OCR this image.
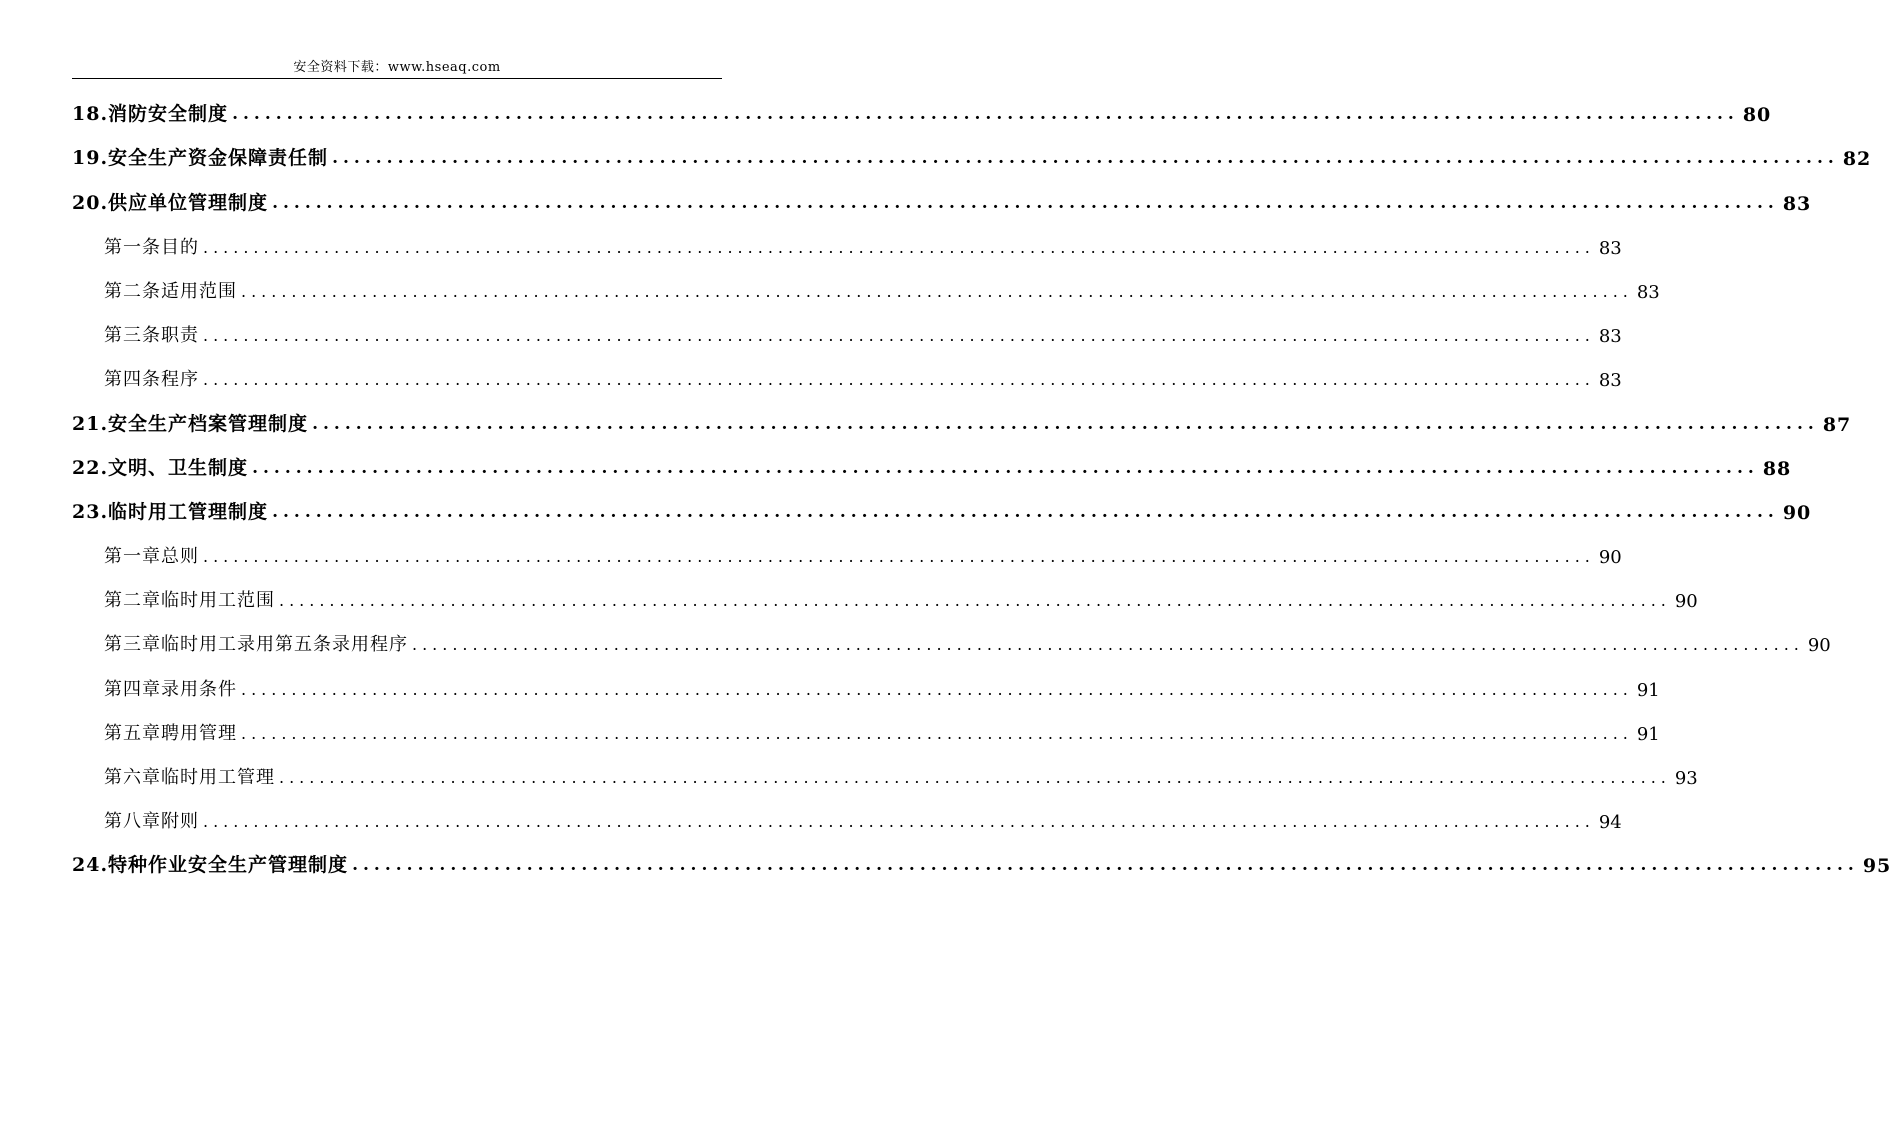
安全资料下载：www.hseaq.com
18.消防安全制度 .......................................................................................................................................... 80
19.安全生产资金保障责任制 .......................................................................................................................................... 82
20.供应单位管理制度 .......................................................................................................................................... 83
第一条目的 .......................................................................................................................................... 83
第二条适用范围 .......................................................................................................................................... 83
第三条职责 .......................................................................................................................................... 83
第四条程序 .......................................................................................................................................... 83
21.安全生产档案管理制度 .......................................................................................................................................... 87
22.文明、卫生制度 .......................................................................................................................................... 88
23.临时用工管理制度 .......................................................................................................................................... 90
第一章总则 .......................................................................................................................................... 90
第二章临时用工范围 .......................................................................................................................................... 90
第三章临时用工录用第五条录用程序 .......................................................................................................................................... 90
第四章录用条件 .......................................................................................................................................... 91
第五章聘用管理 .......................................................................................................................................... 91
第六章临时用工管理 .......................................................................................................................................... 93
第八章附则 .......................................................................................................................................... 94
24.特种作业安全生产管理制度 .......................................................................................................................................... 95
